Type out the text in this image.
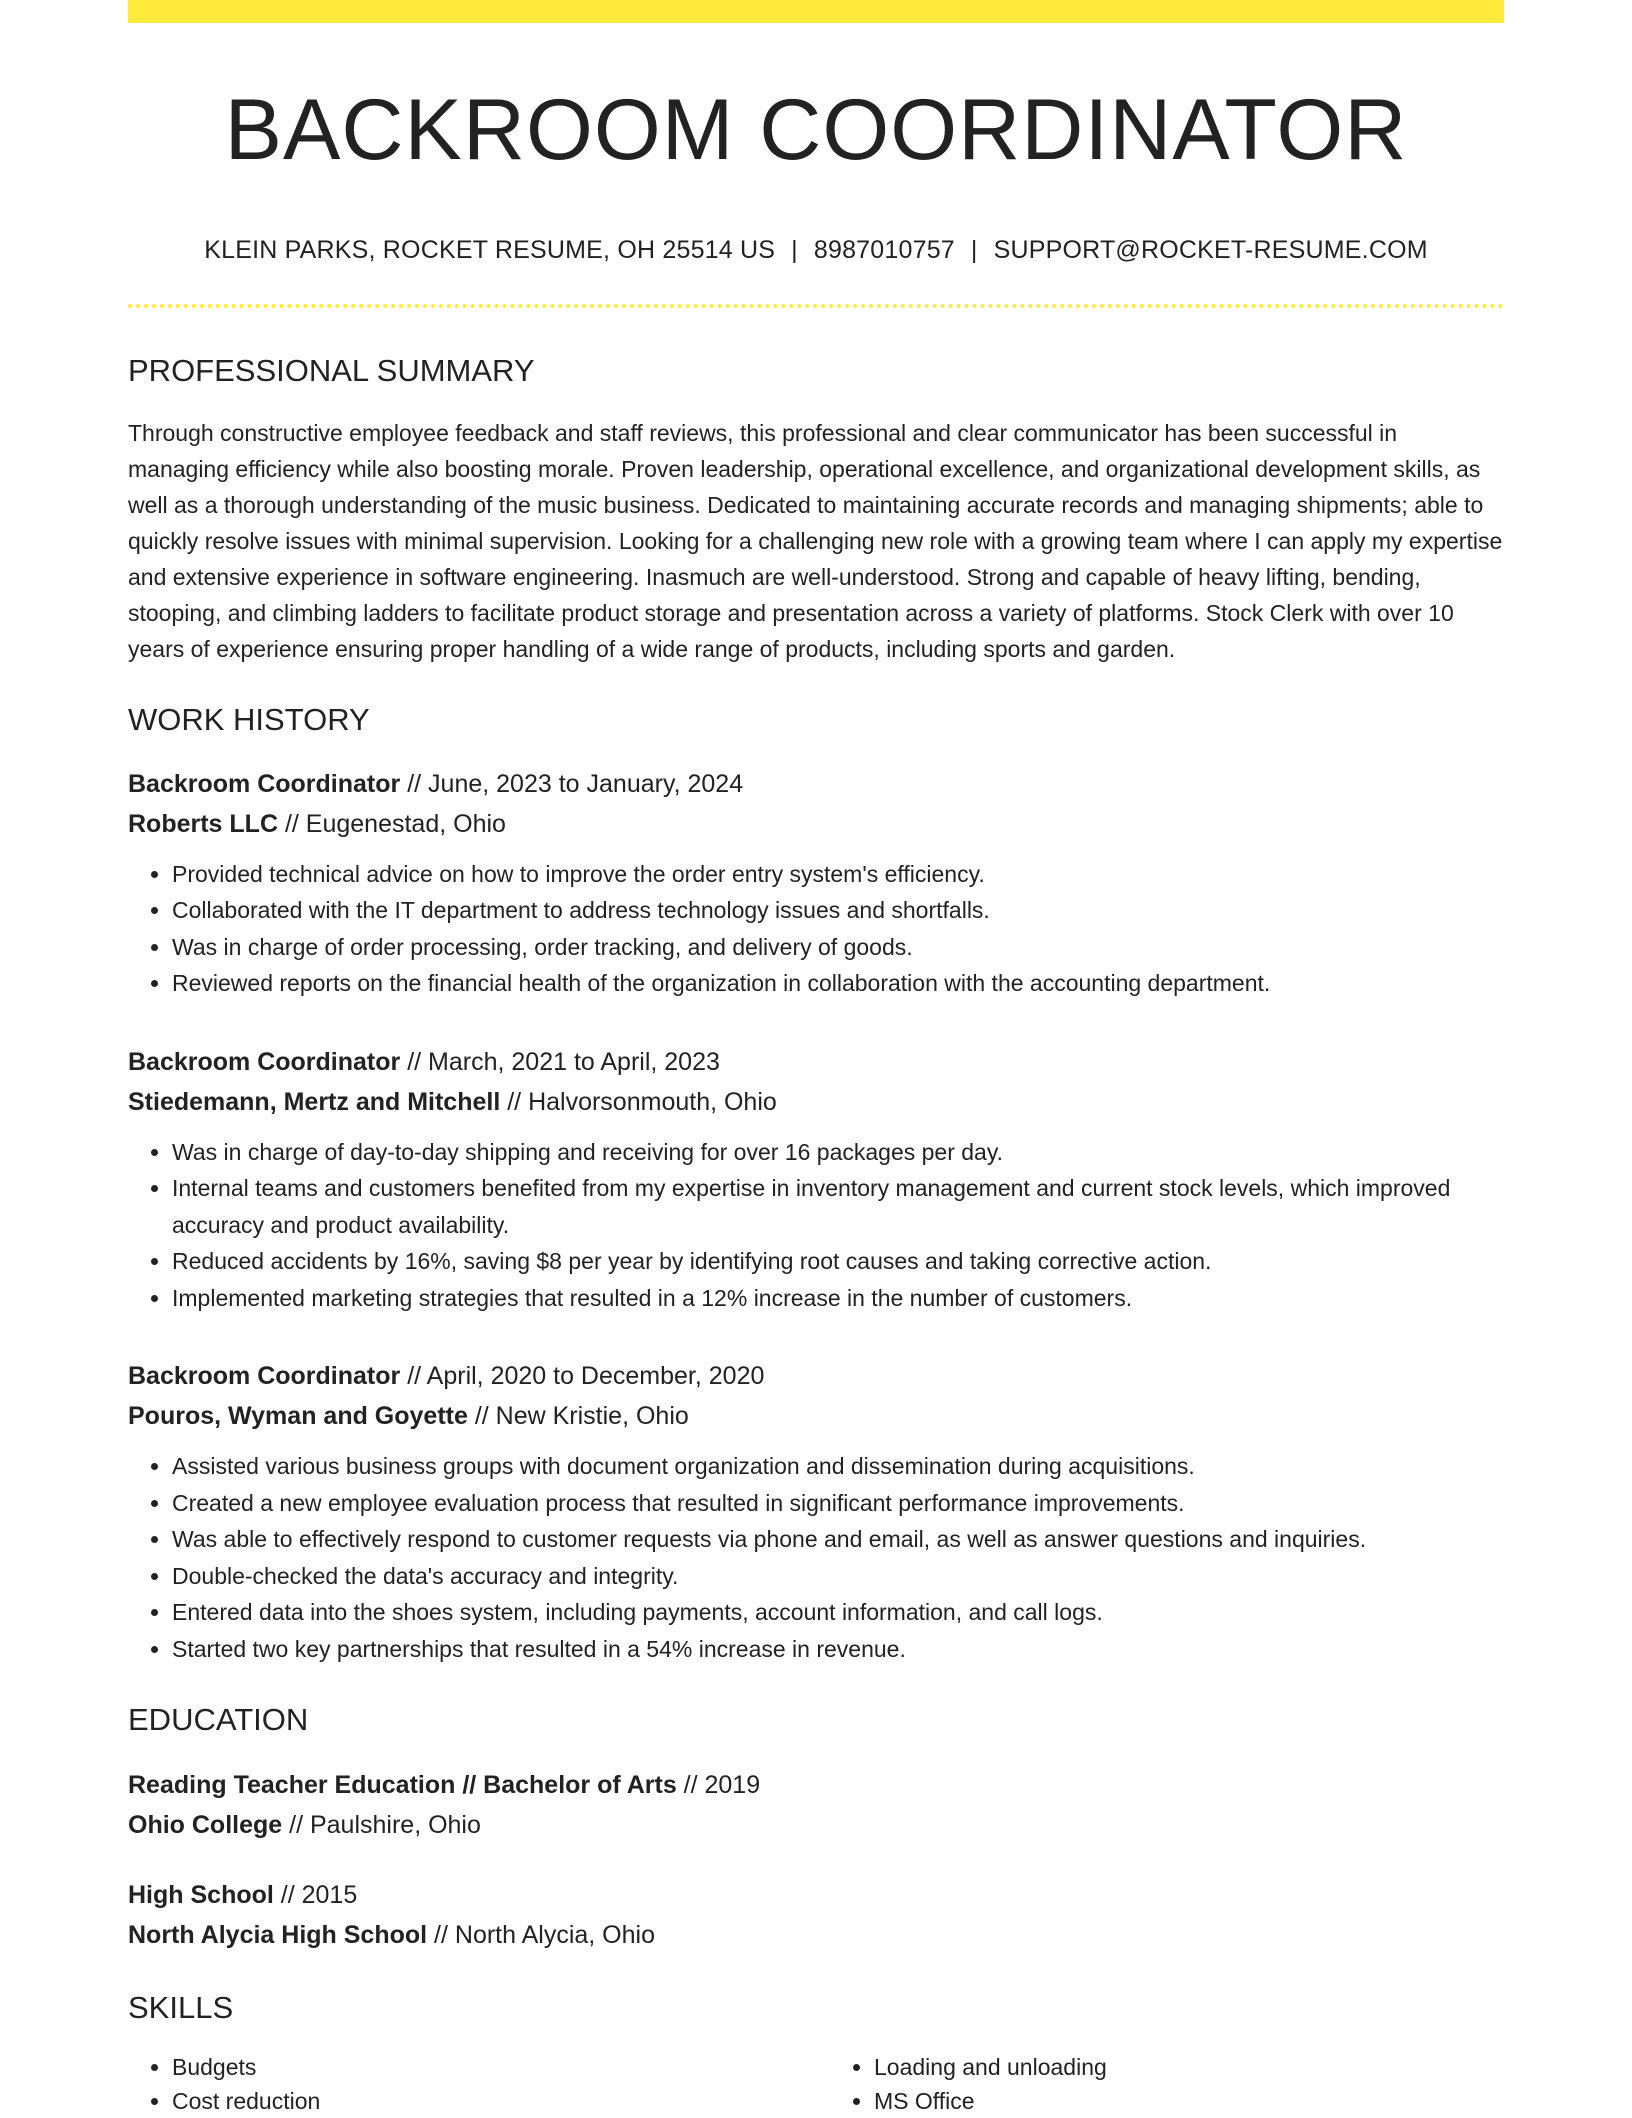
BACKROOM COORDINATOR
KLEIN PARKS, ROCKET RESUME, OH 25514 US | 8987010757 | SUPPORT@ROCKET-RESUME.COM
PROFESSIONAL SUMMARY

Through constructive employee feedback and staff reviews, this professional and clear communicator has been successful in managing efficiency while also boosting morale. Proven leadership, operational excellence, and organizational development skills, as well as a thorough understanding of the music business. Dedicated to maintaining accurate records and managing shipments; able to quickly resolve issues with minimal supervision. Looking for a challenging new role with a growing team where I can apply my expertise and extensive experience in software engineering. Inasmuch are well-understood. Strong and capable of heavy lifting, bending, stooping, and climbing ladders to facilitate product storage and presentation across a variety of platforms. Stock Clerk with over 10 years of experience ensuring proper handling of a wide range of products, including sports and garden.

WORK HISTORY
Backroom Coordinator // June, 2023 to January, 2024
Roberts LLC // Eugenestad, Ohio
• Provided technical advice on how to improve the order entry system's efficiency.
• Collaborated with the IT department to address technology issues and shortfalls.
• Was in charge of order processing, order tracking, and delivery of goods.
• Reviewed reports on the financial health of the organization in collaboration with the accounting department.
Backroom Coordinator // March, 2021 to April, 2023
Stiedemann, Mertz and Mitchell // Halvorsonmouth, Ohio
• Was in charge of day-to-day shipping and receiving for over 16 packages per day.
• Internal teams and customers benefited from my expertise in inventory management and current stock levels, which improved accuracy and product availability.
• Reduced accidents by 16%, saving $8 per year by identifying root causes and taking corrective action.
• Implemented marketing strategies that resulted in a 12% increase in the number of customers.
Backroom Coordinator // April, 2020 to December, 2020
Pouros, Wyman and Goyette // New Kristie, Ohio
• Assisted various business groups with document organization and dissemination during acquisitions.
• Created a new employee evaluation process that resulted in significant performance improvements.
• Was able to effectively respond to customer requests via phone and email, as well as answer questions and inquiries.
• Double-checked the data's accuracy and integrity.
• Entered data into the shoes system, including payments, account information, and call logs.
• Started two key partnerships that resulted in a 54% increase in revenue.
EDUCATION
Reading Teacher Education // Bachelor of Arts // 2019
Ohio College // Paulshire, Ohio
High School // 2015
North Alycia High School // North Alycia, Ohio
SKILLS
• Budgets
• Cost reduction
• Loading and unloading
• MS Office
